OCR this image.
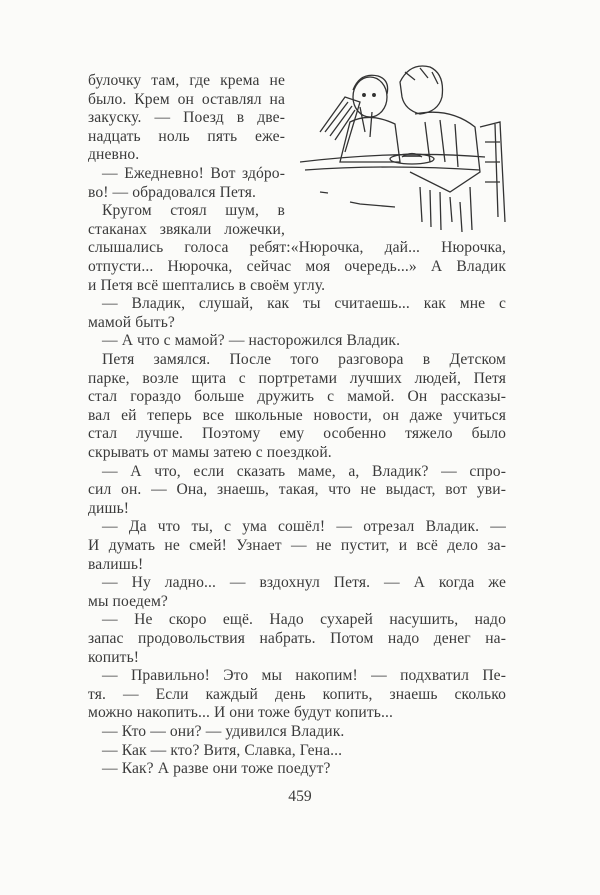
булочку там, где крема не
было. Крем он оставлял на
закуску. — Поезд в две-
надцать ноль пять еже-
дневно.
— Ежедневно! Вот здóро-
во! — обрадовался Петя.
Кругом стоял шум, в
стаканах звякали ложечки,
слышались голоса ребят:«Нюрочка, дай... Нюрочка,
отпусти... Нюрочка, сейчас моя очередь...» А Владик
и Петя всё шептались в своём углу.
— Владик, слушай, как ты считаешь... как мне с
мамой быть?
— А что с мамой? — насторожился Владик.
Петя замялся. После того разговора в Детском
парке, возле щита с портретами лучших людей, Петя
стал гораздо больше дружить с мамой. Он рассказы-
вал ей теперь все школьные новости, он даже учиться
стал лучше. Поэтому ему особенно тяжело было
скрывать от мамы затею с поездкой.
— А что, если сказать маме, а, Владик? — спро-
сил он. — Она, знаешь, такая, что не выдаст, вот уви-
дишь!
— Да что ты, с ума сошёл! — отрезал Владик. —
И думать не смей! Узнает — не пустит, и всё дело за-
валишь!
— Ну ладно... — вздохнул Петя. — А когда же
мы поедем?
— Не скоро ещё. Надо сухарей насушить, надо
запас продовольствия набрать. Потом надо денег на-
копить!
— Правильно! Это мы накопим! — подхватил Пе-
тя. — Если каждый день копить, знаешь сколько
можно накопить... И они тоже будут копить...
— Кто — они? — удивился Владик.
— Как — кто? Витя, Славка, Гена...
— Как? А разве они тоже поедут?
459
